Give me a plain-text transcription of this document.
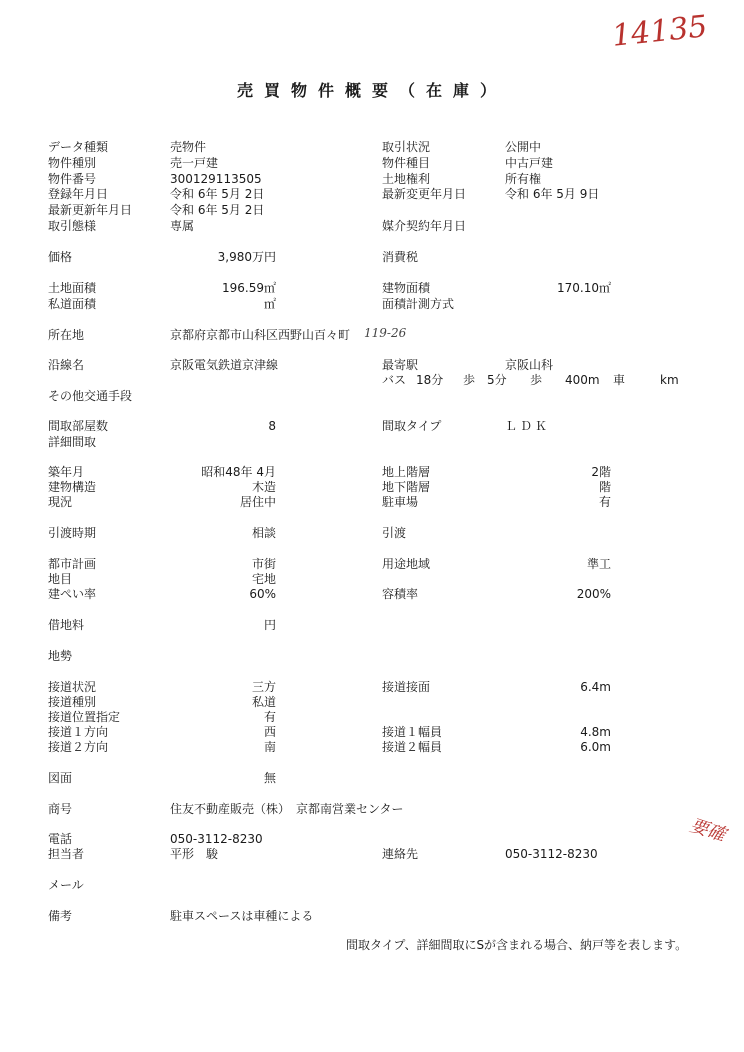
14135
119-26
要確
売買物件概要（在庫）
データ種類	売物件	取引状況	公開中
物件種別	売一戸建	物件種目	中古戸建
物件番号	300129113505	土地権利	所有権
登録年月日	令和 6年 5月 2日	最新変更年月日	令和 6年 5月 9日
最新更新年月日	令和 6年 5月 2日
取引態様	専属	媒介契約年月日
価格	3,980万円	消費税
土地面積	196.59㎡	建物面積	170.10㎡
私道面積	㎡	面積計測方式
所在地	京都府京都市山科区西野山百々町
沿線名	京阪電気鉄道京津線	最寄駅	京阪山科
バス 18分 歩 5分 歩 400m 車	km
その他交通手段
間取部屋数	8	間取タイプ	ＬＤＫ
詳細間取
築年月	昭和48年 4月	地上階層	2階
建物構造	木造	地下階層	階
現況	居住中	駐車場	有
引渡時期	相談	引渡
都市計画	市街	用途地域	準工
地目	宅地
建ぺい率	60%	容積率	200%
借地料	円
地勢
接道状況	三方	接道接面	6.4m
接道種別	私道
接道位置指定	有
接道１方向	西	接道１幅員	4.8m
接道２方向	南	接道２幅員	6.0m
図面	無
商号	住友不動産販売（株）　京都南営業センター
電話	050-3112-8230
担当者	平形　駿	連絡先	050-3112-8230
メール
備考	駐車スペースは車種による
間取タイプ、詳細間取にSが含まれる場合、納戸等を表します。
